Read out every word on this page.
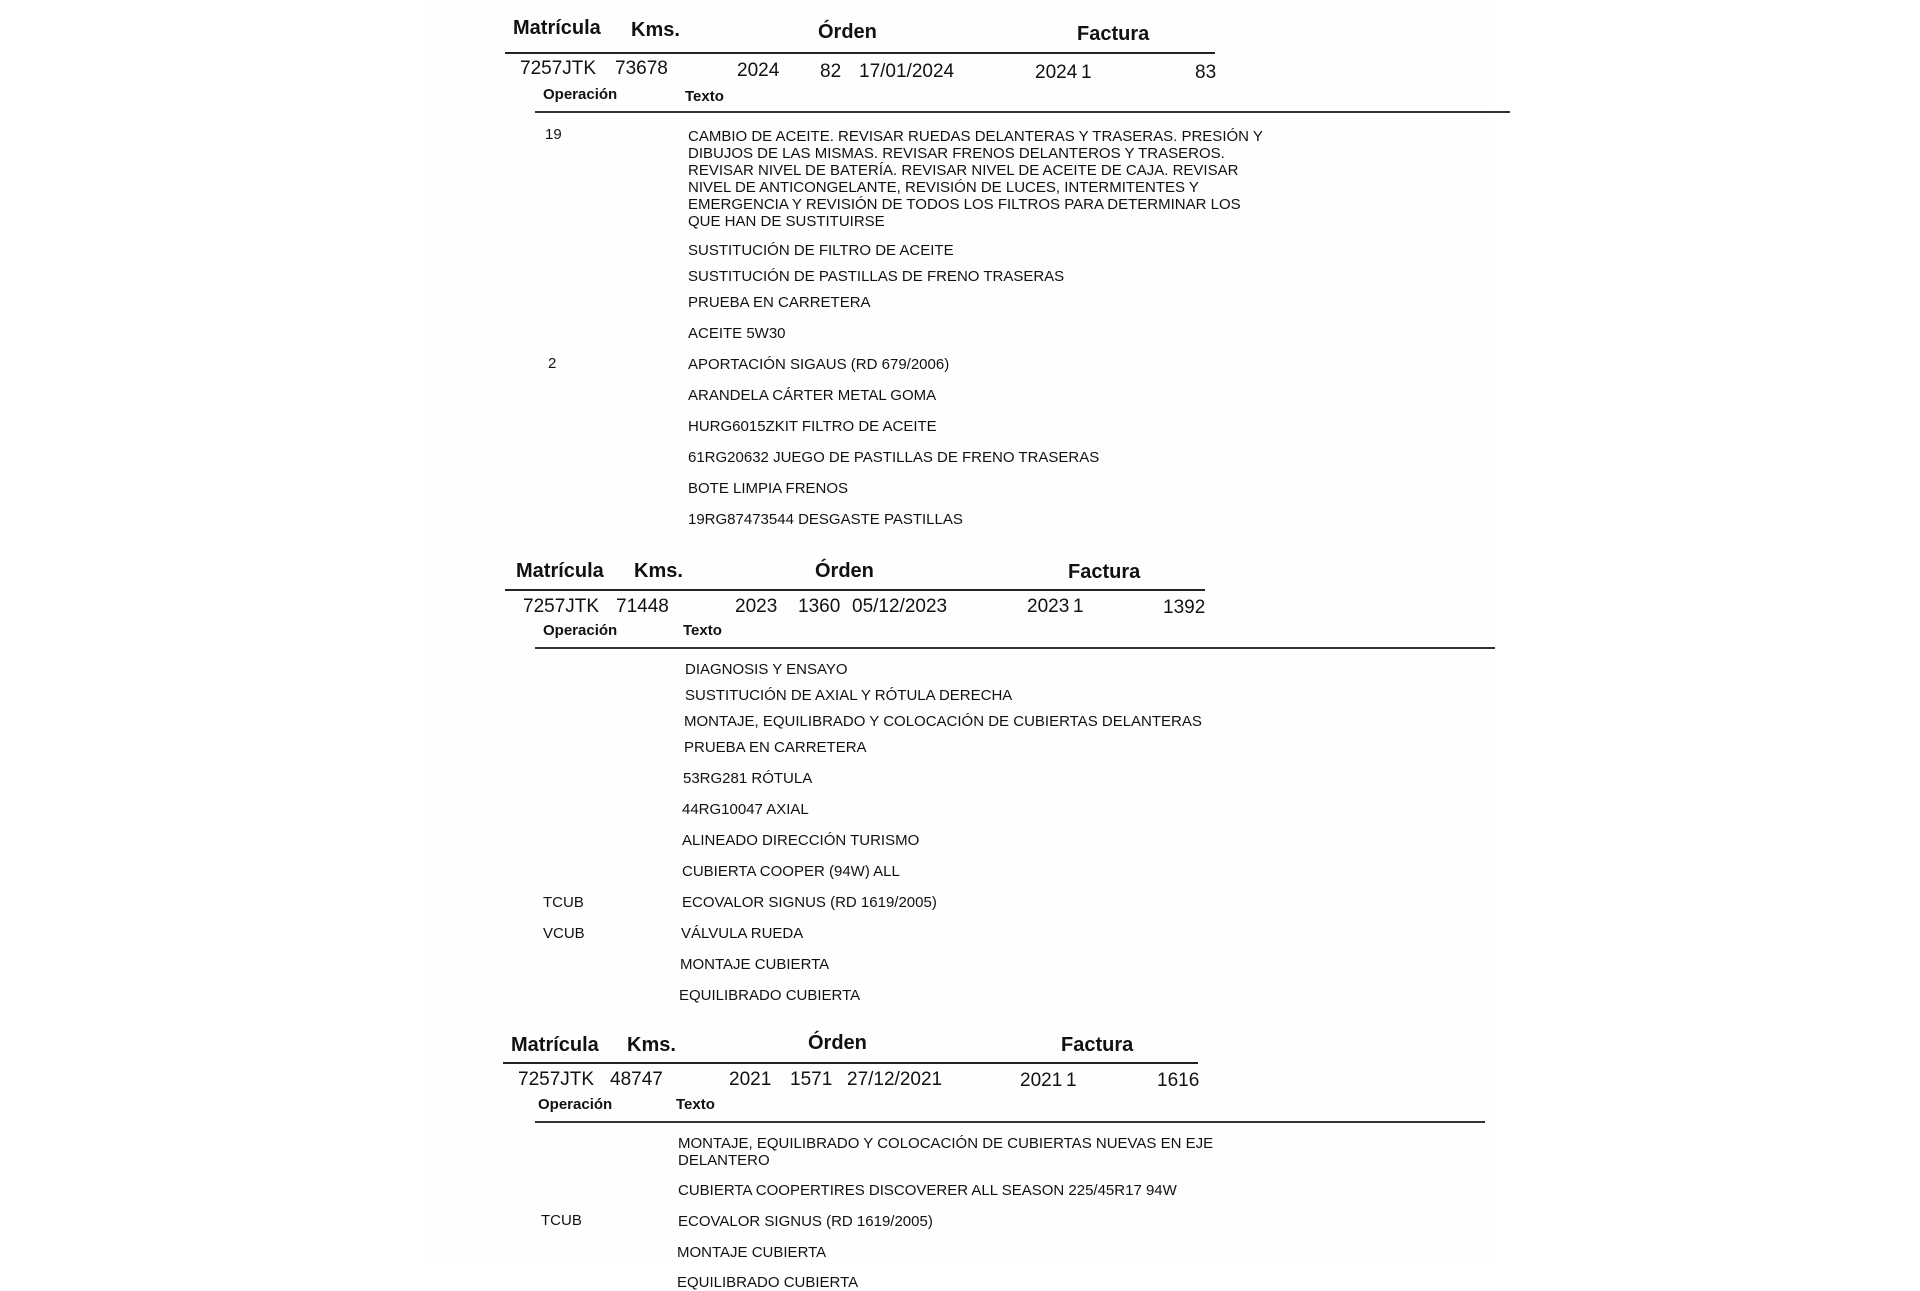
Matrícula Kms.	Órden	Factura
7257JTK 73678	2024 82 17/01/2024	2024 1	83
Operación	Texto
19	CAMBIO DE ACEITE. REVISAR RUEDAS DELANTERAS Y TRASERAS. PRESIÓN Y DIBUJOS DE LAS MISMAS. REVISAR FRENOS DELANTEROS Y TRASEROS. REVISAR NIVEL DE BATERÍA. REVISAR NIVEL DE ACEITE DE CAJA. REVISAR NIVEL DE ANTICONGELANTE, REVISIÓN DE LUCES, INTERMITENTES Y EMERGENCIA Y REVISIÓN DE TODOS LOS FILTROS PARA DETERMINAR LOS QUE HAN DE SUSTITUIRSE
SUSTITUCIÓN DE FILTRO DE ACEITE
SUSTITUCIÓN DE PASTILLAS DE FRENO TRASERAS
PRUEBA EN CARRETERA
ACEITE 5W30
2	APORTACIÓN SIGAUS (RD 679/2006)
ARANDELA CÁRTER METAL GOMA
HURG6015ZKIT FILTRO DE ACEITE
61RG20632 JUEGO DE PASTILLAS DE FRENO TRASERAS
BOTE LIMPIA FRENOS
19RG87473544 DESGASTE PASTILLAS
Matrícula Kms.	Órden	Factura
7257JTK 71448	2023 1360 05/12/2023	2023 1	1392
Operación	Texto
DIAGNOSIS Y ENSAYO
SUSTITUCIÓN DE AXIAL Y RÓTULA DERECHA
MONTAJE, EQUILIBRADO Y COLOCACIÓN DE CUBIERTAS DELANTERAS
PRUEBA EN CARRETERA
53RG281 RÓTULA
44RG10047 AXIAL
ALINEADO DIRECCIÓN TURISMO
CUBIERTA COOPER (94W) ALL
TCUB	ECOVALOR SIGNUS (RD 1619/2005)
VCUB	VÁLVULA RUEDA
MONTAJE CUBIERTA
EQUILIBRADO CUBIERTA
Matrícula Kms.	Órden	Factura
7257JTK 48747	2021 1571 27/12/2021	2021 1	1616
Operación	Texto
MONTAJE, EQUILIBRADO Y COLOCACIÓN DE CUBIERTAS NUEVAS EN EJE DELANTERO
CUBIERTA COOPERTIRES DISCOVERER ALL SEASON 225/45R17 94W
TCUB	ECOVALOR SIGNUS (RD 1619/2005)
MONTAJE CUBIERTA
EQUILIBRADO CUBIERTA
